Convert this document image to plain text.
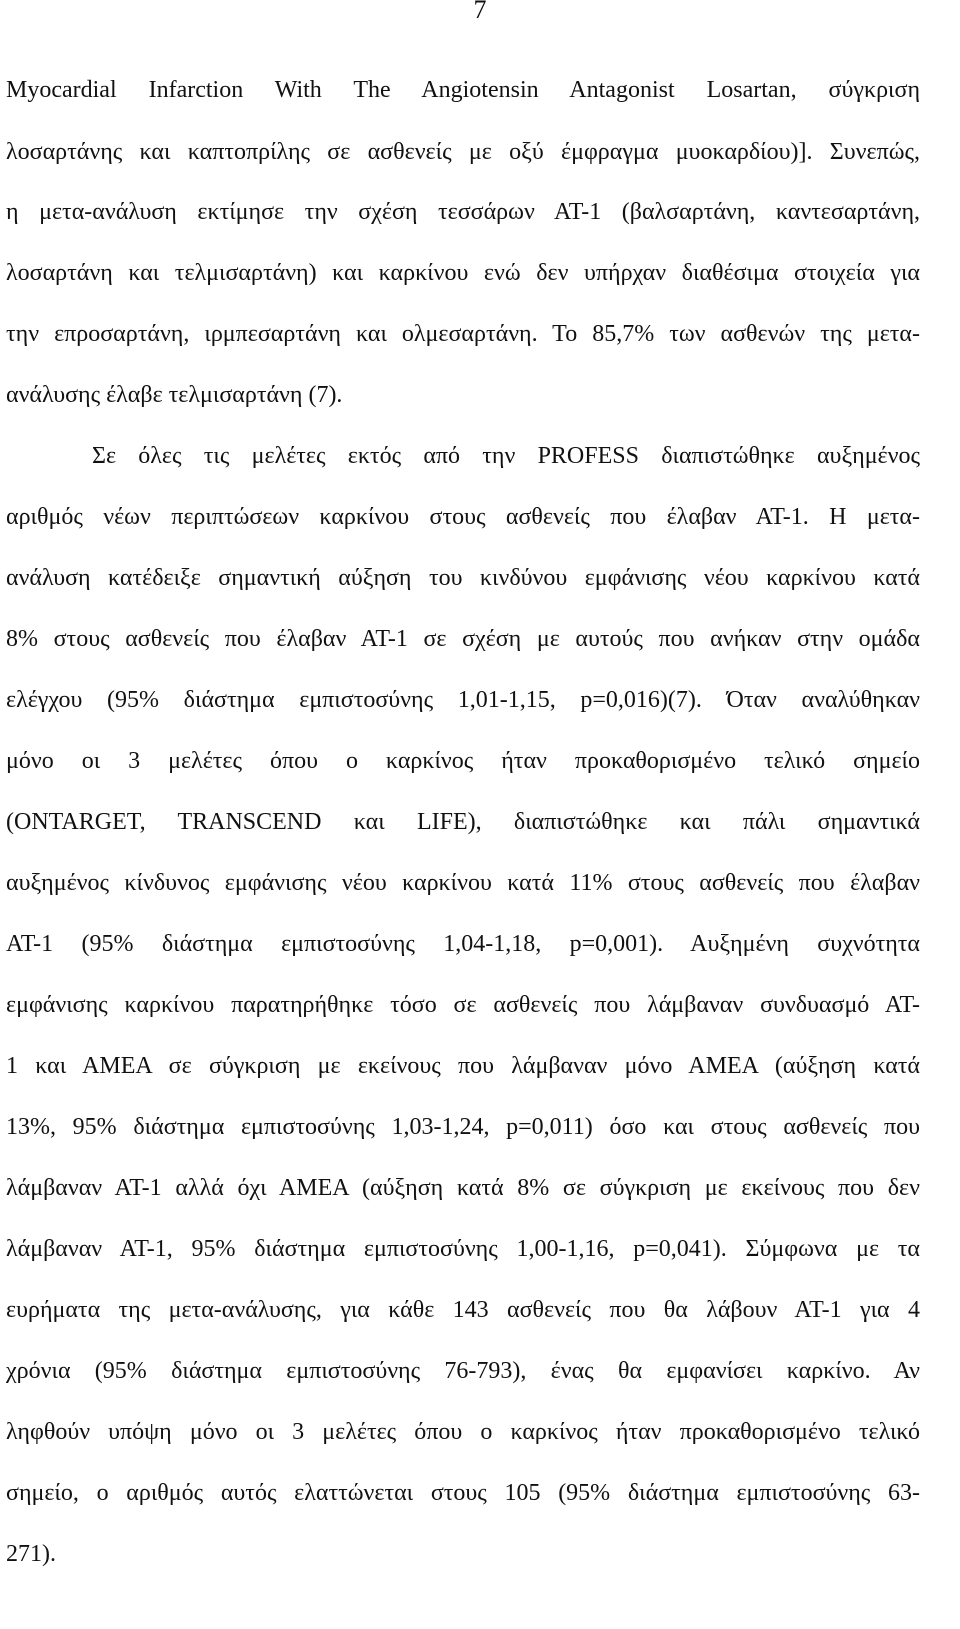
7
Myocardial Infarction With The Angiotensin Antagonist Losartan, σύγκριση
λοσαρτάνης και καπτοπρίλης σε ασθενείς με οξύ έμφραγμα μυοκαρδίου)]. Συνεπώς,
η μετα-ανάλυση εκτίμησε την σχέση τεσσάρων ΑΤ-1 (βαλσαρτάνη, καντεσαρτάνη,
λοσαρτάνη και τελμισαρτάνη) και καρκίνου ενώ δεν υπήρχαν διαθέσιμα στοιχεία για
την επροσαρτάνη, ιρμπεσαρτάνη και ολμεσαρτάνη. Το 85,7% των ασθενών της μετα-
ανάλυσης έλαβε τελμισαρτάνη (7).
Σε όλες τις μελέτες εκτός από την PROFESS διαπιστώθηκε αυξημένος
αριθμός νέων περιπτώσεων καρκίνου στους ασθενείς που έλαβαν ΑΤ-1. Η μετα-
ανάλυση κατέδειξε σημαντική αύξηση του κινδύνου εμφάνισης νέου καρκίνου κατά
8% στους ασθενείς που έλαβαν ΑΤ-1 σε σχέση με αυτούς που ανήκαν στην ομάδα
ελέγχου (95% διάστημα εμπιστοσύνης 1,01-1,15, p=0,016)(7). Όταν αναλύθηκαν
μόνο οι 3 μελέτες όπου ο καρκίνος ήταν προκαθορισμένο τελικό σημείο
(ONTARGET, TRANSCEND και LIFE), διαπιστώθηκε και πάλι σημαντικά
αυξημένος κίνδυνος εμφάνισης νέου καρκίνου κατά 11% στους ασθενείς που έλαβαν
ΑΤ-1 (95% διάστημα εμπιστοσύνης 1,04-1,18, p=0,001). Αυξημένη συχνότητα
εμφάνισης καρκίνου παρατηρήθηκε τόσο σε ασθενείς που λάμβαναν συνδυασμό ΑΤ-
1 και ΑΜΕΑ σε σύγκριση με εκείνους που λάμβαναν μόνο ΑΜΕΑ (αύξηση κατά
13%, 95% διάστημα εμπιστοσύνης 1,03-1,24, p=0,011) όσο και στους ασθενείς που
λάμβαναν ΑΤ-1 αλλά όχι ΑΜΕΑ (αύξηση κατά 8% σε σύγκριση με εκείνους που δεν
λάμβαναν ΑΤ-1, 95% διάστημα εμπιστοσύνης 1,00-1,16, p=0,041). Σύμφωνα με τα
ευρήματα της μετα-ανάλυσης, για κάθε 143 ασθενείς που θα λάβουν ΑΤ-1 για 4
χρόνια (95% διάστημα εμπιστοσύνης 76-793), ένας θα εμφανίσει καρκίνο. Αν
ληφθούν υπόψη μόνο οι 3 μελέτες όπου ο καρκίνος ήταν προκαθορισμένο τελικό
σημείο, ο αριθμός αυτός ελαττώνεται στους 105 (95% διάστημα εμπιστοσύνης 63-
271).
